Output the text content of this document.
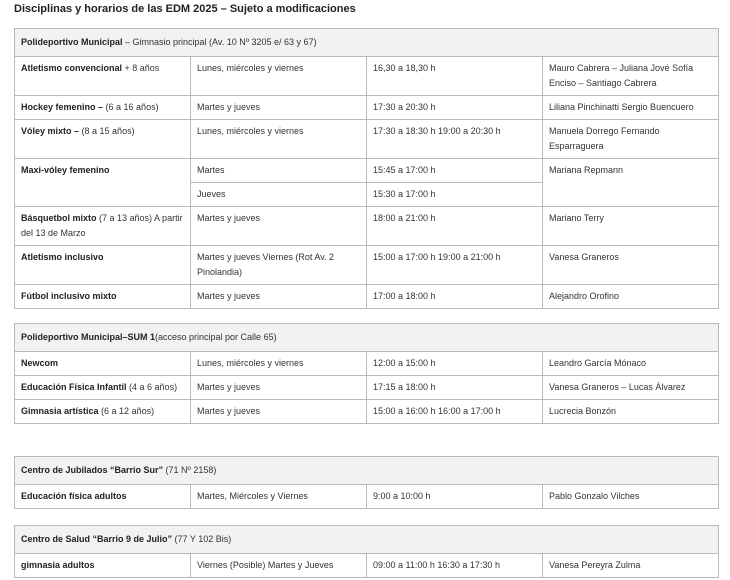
Disciplinas y horarios de las EDM 2025 – Sujeto a modificaciones
Polideportivo Municipal – Gimnasio principal (Av. 10 Nº 3205 e/ 63 y 67)			
Atletismo convencional + 8 años	Lunes, miércoles y viernes	16,30 a 18,30 h	Mauro Cabrera – Juliana Jové Sofía Enciso – Santiago Cabrera
Hockey femenino – (6 a 16 años)	Martes y jueves	17:30 a 20:30 h	Liliana Pinchinatti Sergio Buencuero
Vóley mixto – (8 a 15 años)	Lunes, miércoles y viernes	17:30 a 18:30 h 19:00 a 20:30 h	Manuela Dorrego Fernando Esparraguera
Maxi-vóley femenino	Martes	15:45 a 17:00 h	Mariana Repmann
	Jueves	15:30 a 17:00 h	
Básquetbol mixto (7 a 13 años) A partir del 13 de Marzo	Martes y jueves	18:00 a 21:00 h	Mariano Terry
Atletismo inclusivo	Martes y jueves Viernes (Rot Av. 2 Pinolandia)	15:00 a 17:00 h 19:00 a 21:00 h	Vanesa Graneros
Fútbol inclusivo mixto	Martes y jueves	17:00 a 18:00 h	Alejandro Orofino
Polideportivo Municipal–SUM 1(acceso principal por Calle 65)			
Newcom	Lunes, miércoles y viernes	12:00 a 15:00 h	Leandro García Mónaco
Educación Física Infantil (4 a 6 años)	Martes y jueves	17:15 a 18:00 h	Vanesa Graneros – Lucas Álvarez
Gimnasia artística (6 a 12 años)	Martes y jueves	15:00 a 16:00 h 16:00 a 17:00 h	Lucrecia Bonzón
Centro de Jubilados “Barrio Sur” (71 Nº 2158)
Educación física adultos	Martes, Miércoles y Viernes	9:00 a 10:00 h	Pablo Gonzalo Vilches
Centro de Salud “Barrio 9 de Julio” (77 Y 102 Bis)
gimnasia adultos	Viernes (Posible) Martes y Jueves	09:00 a 11:00 h 16:30 a 17:30 h	Vanesa Pereyra Zulma
